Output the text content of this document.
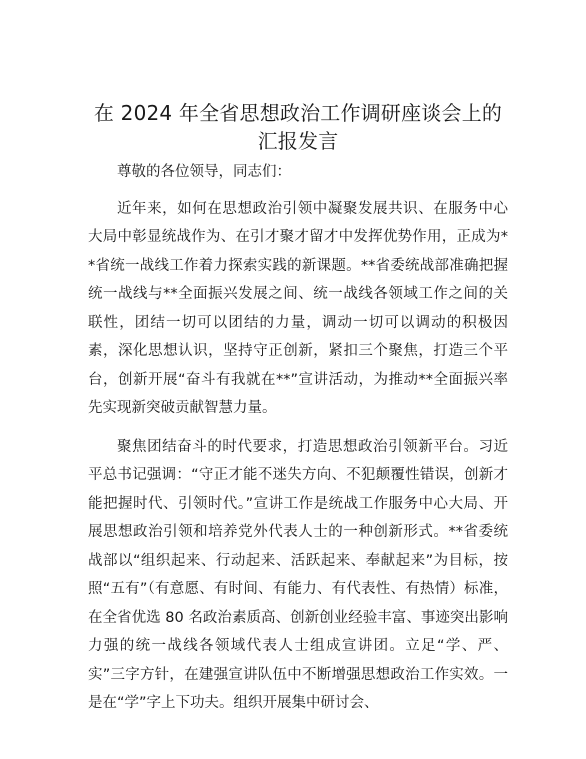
在 2024 年全省思想政治工作调研座谈会上的汇报发言

尊敬的各位领导，同志们：

近年来，如何在思想政治引领中凝聚发展共识、在服务中心大局中彰显统战作为、在引才聚才留才中发挥优势作用，正成为**省统一战线工作着力探索实践的新课题。**省委统战部准确把握统一战线与**全面振兴发展之间、统一战线各领域工作之间的关联性，团结一切可以团结的力量，调动一切可以调动的积极因素，深化思想认识，坚持守正创新，紧扣三个聚焦，打造三个平台，创新开展“奋斗有我就在**”宣讲活动，为推动**全面振兴率先实现新突破贡献智慧力量。

聚焦团结奋斗的时代要求，打造思想政治引领新平台。习近平总书记强调：“守正才能不迷失方向、不犯颠覆性错误，创新才能把握时代、引领时代。”宣讲工作是统战工作服务中心大局、开展思想政治引领和培养党外代表人士的一种创新形式。**省委统战部以“组织起来、行动起来、活跃起来、奉献起来”为目标，按照“五有”（有意愿、有时间、有能力、有代表性、有热情）标准，在全省优选 80 名政治素质高、创新创业经验丰富、事迹突出影响力强的统一战线各领域代表人士组成宣讲团。立足“学、严、实”三字方针，在建强宣讲队伍中不断增强思想政治工作实效。一是在“学”字上下功夫。组织开展集中研讨会、
